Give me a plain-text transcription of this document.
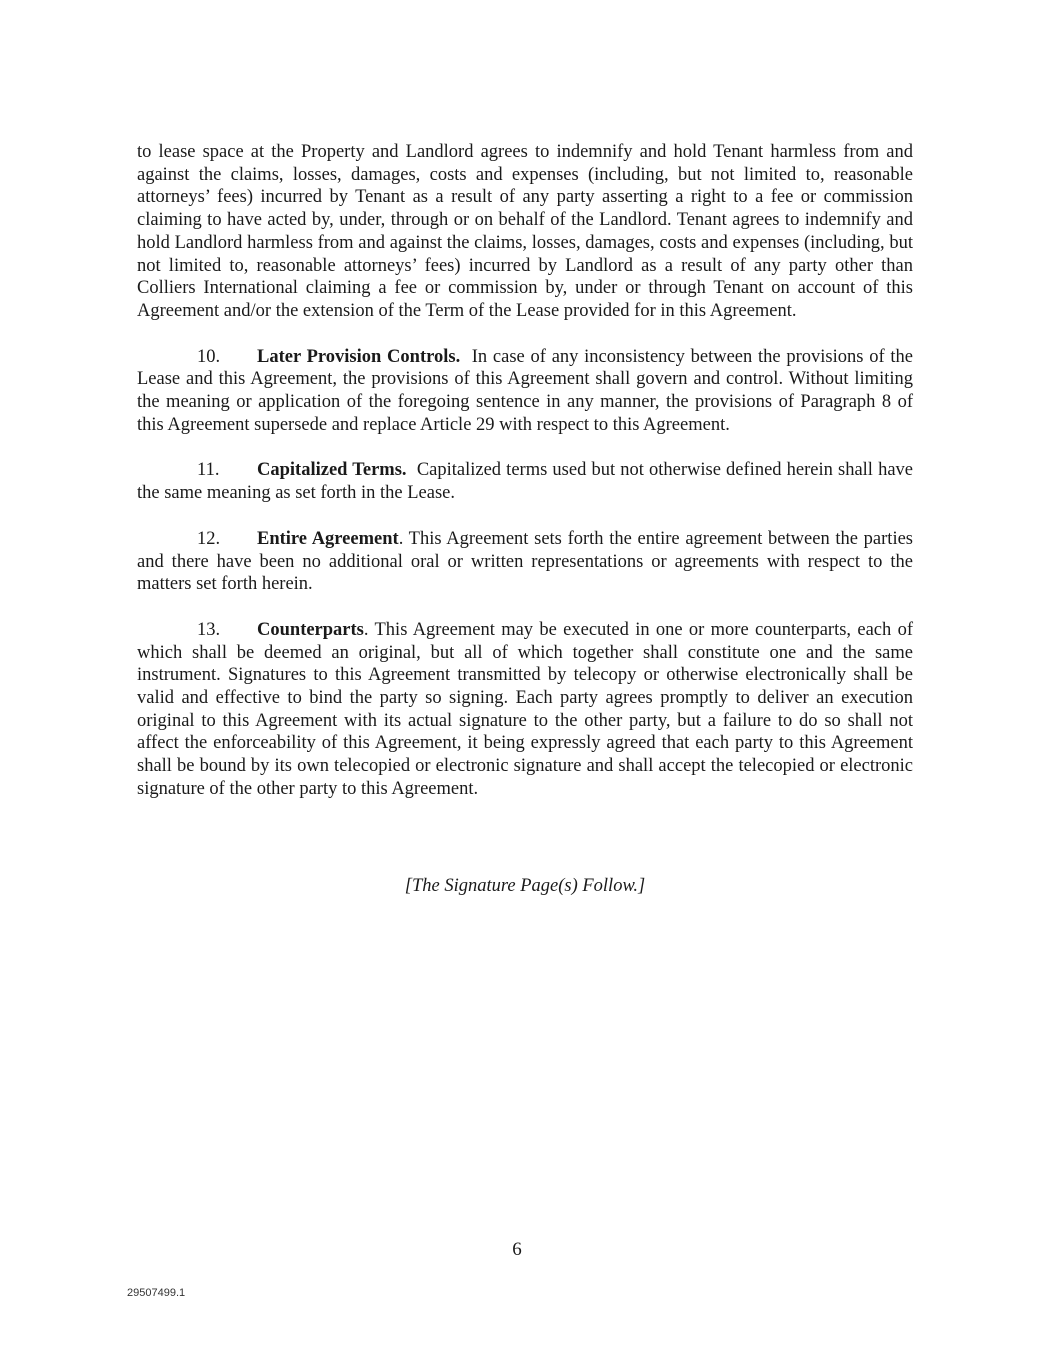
to lease space at the Property and Landlord agrees to indemnify and hold Tenant harmless from and against the claims, losses, damages, costs and expenses (including, but not limited to, reasonable attorneys’ fees) incurred by Tenant as a result of any party asserting a right to a fee or commission claiming to have acted by, under, through or on behalf of the Landlord. Tenant agrees to indemnify and hold Landlord harmless from and against the claims, losses, damages, costs and expenses (including, but not limited to, reasonable attorneys’ fees) incurred by Landlord as a result of any party other than Colliers International claiming a fee or commission by, under or through Tenant on account of this Agreement and/or the extension of the Term of the Lease provided for in this Agreement.

10. Later Provision Controls. In case of any inconsistency between the provisions of the Lease and this Agreement, the provisions of this Agreement shall govern and control. Without limiting the meaning or application of the foregoing sentence in any manner, the provisions of Paragraph 8 of this Agreement supersede and replace Article 29 with respect to this Agreement.

11. Capitalized Terms. Capitalized terms used but not otherwise defined herein shall have the same meaning as set forth in the Lease.

12. Entire Agreement. This Agreement sets forth the entire agreement between the parties and there have been no additional oral or written representations or agreements with respect to the matters set forth herein.

13. Counterparts. This Agreement may be executed in one or more counterparts, each of which shall be deemed an original, but all of which together shall constitute one and the same instrument. Signatures to this Agreement transmitted by telecopy or otherwise electronically shall be valid and effective to bind the party so signing. Each party agrees promptly to deliver an execution original to this Agreement with its actual signature to the other party, but a failure to do so shall not affect the enforceability of this Agreement, it being expressly agreed that each party to this Agreement shall be bound by its own telecopied or electronic signature and shall accept the telecopied or electronic signature of the other party to this Agreement.

[The Signature Page(s) Follow.]
6
29507499.1
